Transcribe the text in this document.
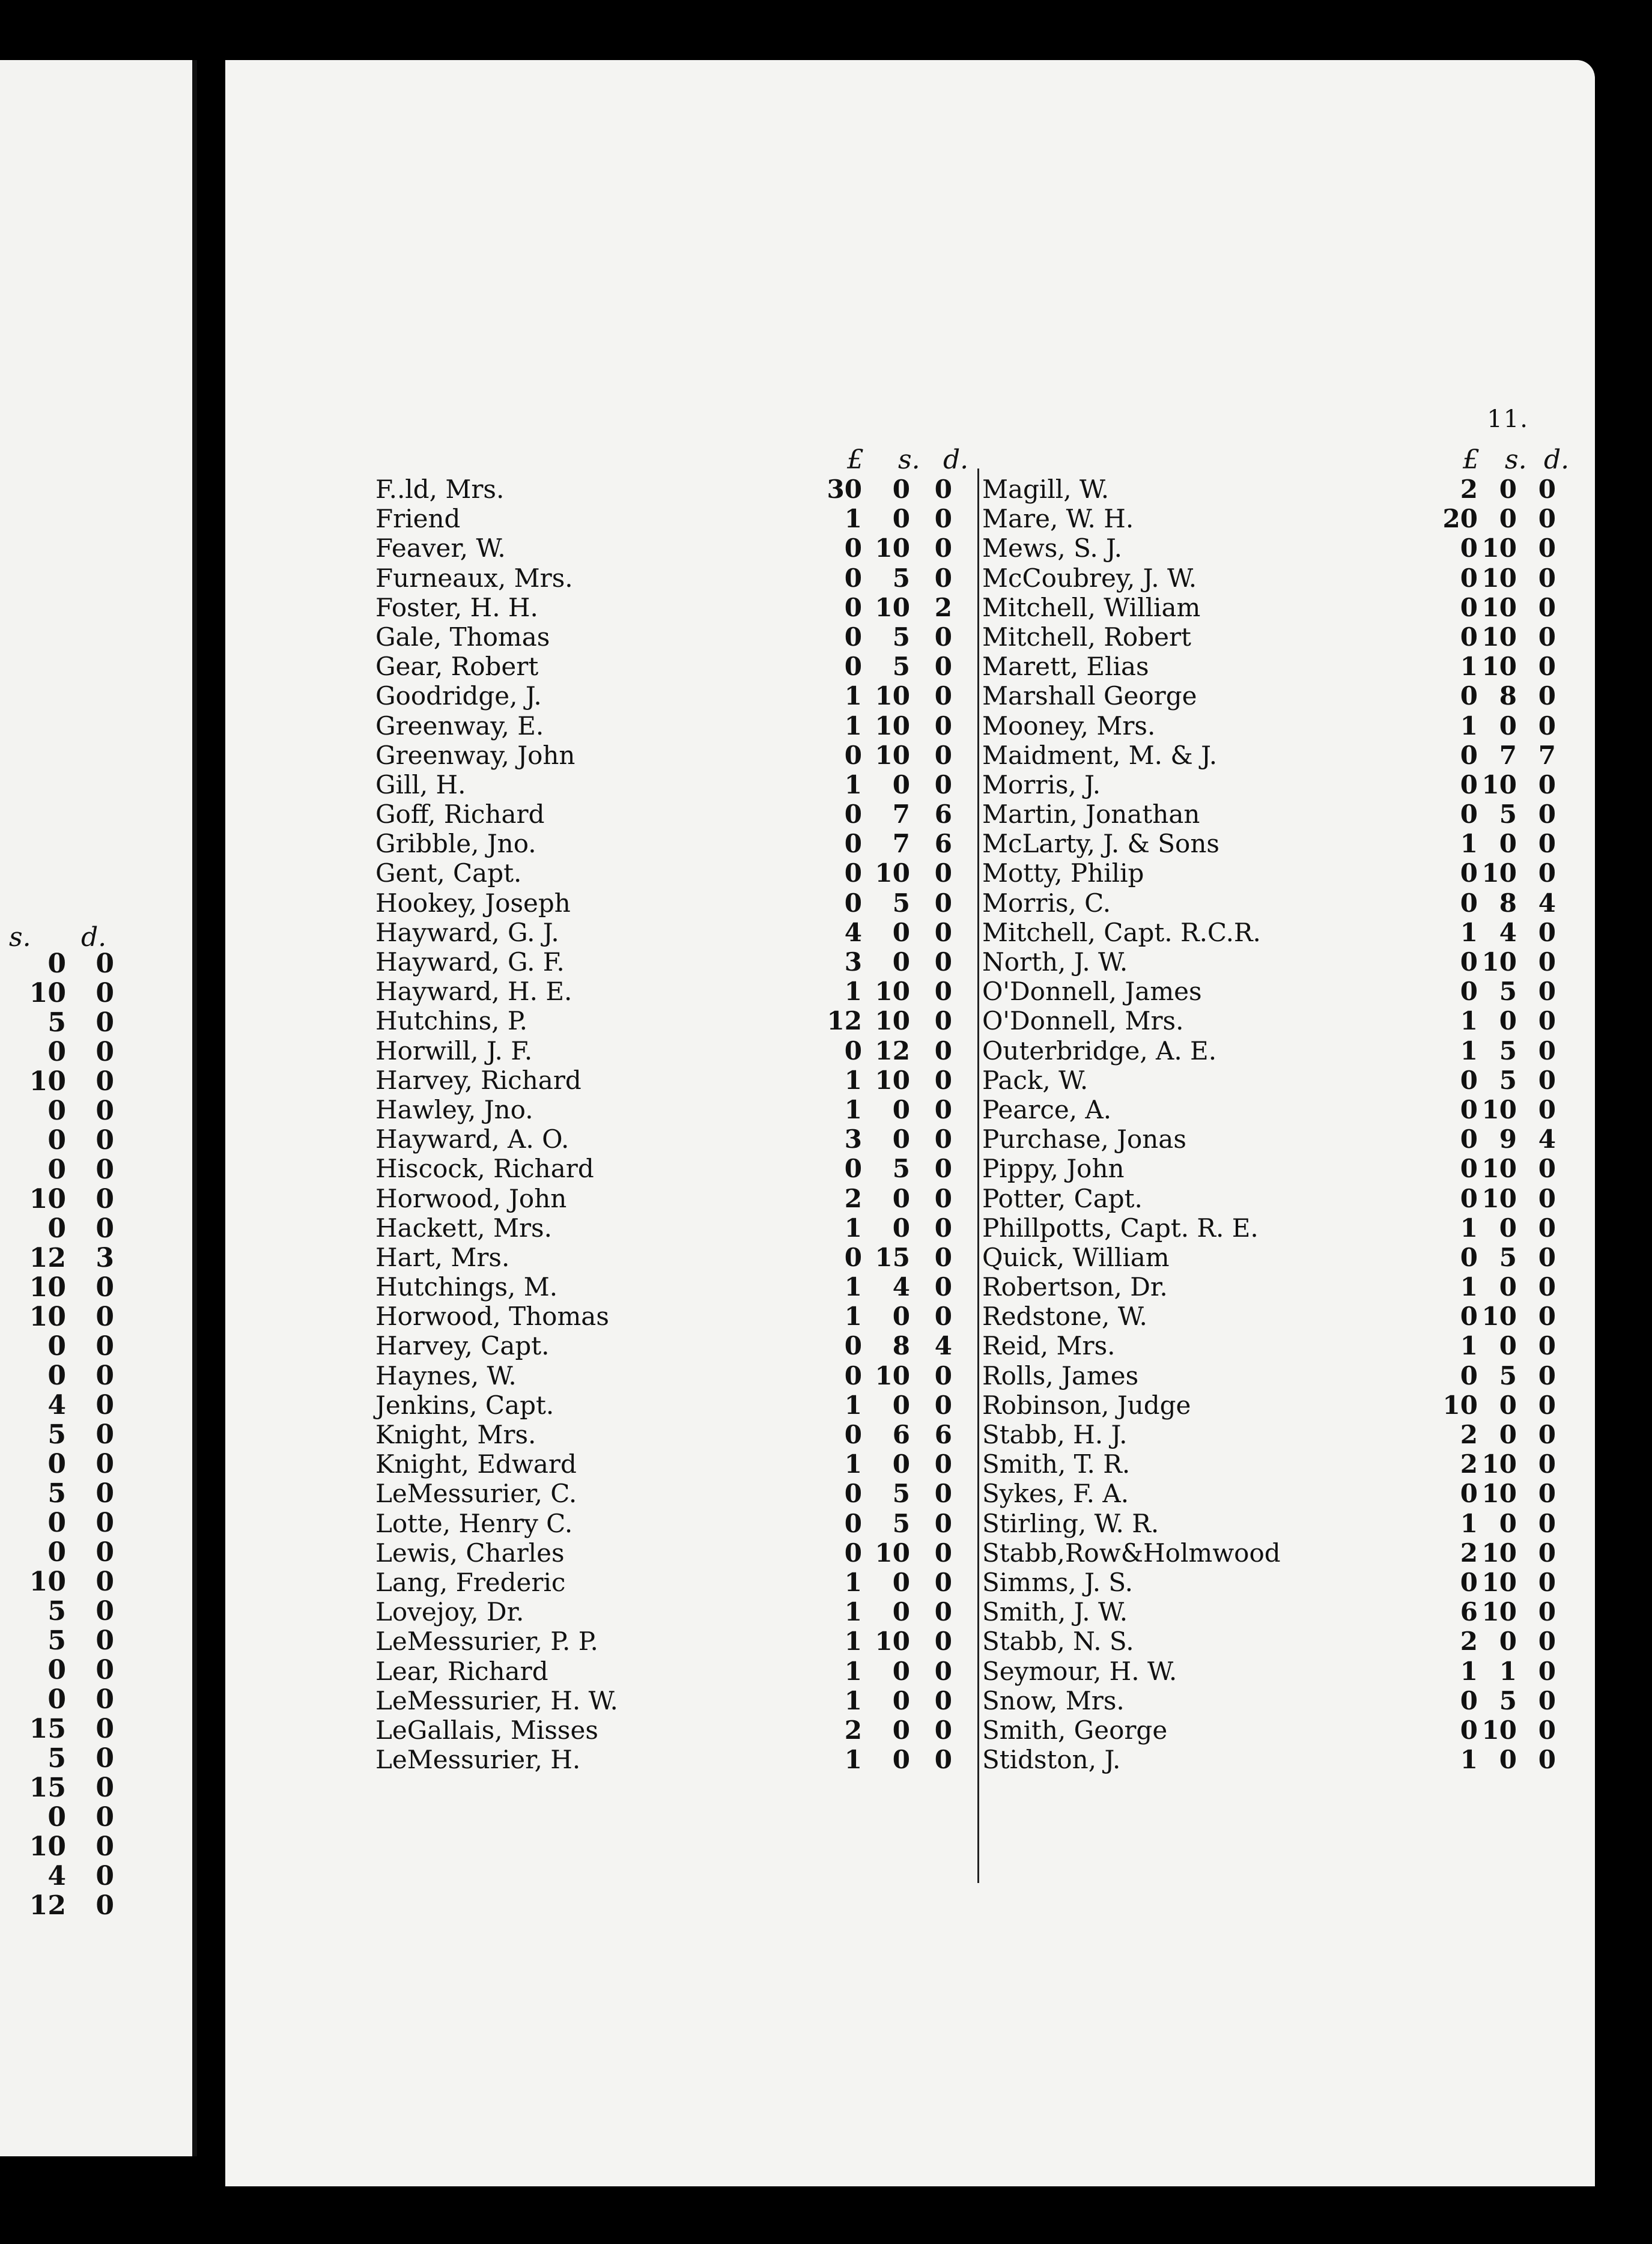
s. d.
0	0
10	0
5	0
0	0
10	0
0	0
0	0
0	0
10	0
0	0
12	3
10	0
10	0
0	0
0	0
4	0
5	0
0	0
5	0
0	0
0	0
10	0
5	0
5	0
0	0
0	0
15	0
5	0
15	0
0	0
10	0
4	0
12	0
11.
£ s. d.	£ s. d.
F..ld, Mrs.	30	0 0
Friend	1	0 0
Feaver, W.	0 10 0
Furneaux, Mrs.	0	5 0
Foster, H. H.	0 10 2
Gale, Thomas	0	5 0
Gear, Robert	0	5 0
Goodridge, J.	1 10 0
Greenway, E.	1 10 0
Greenway, John	0 10 0
Gill, H.	1	0 0
Goff, Richard	0	7 6
Gribble, Jno.	0	7 6
Gent, Capt.	0 10 0
Hookey, Joseph	0	5 0
Hayward, G. J.	4	0 0
Hayward, G. F.	3	0 0
Hayward, H. E.	1 10 0
Hutchins, P.	12 10 0
Horwill, J. F.	0 12 0
Harvey, Richard	1 10 0
Hawley, Jno.	1	0 0
Hayward, A. O.	3	0 0
Hiscock, Richard	0	5 0
Horwood, John	2	0 0
Hackett, Mrs.	1	0 0
Hart, Mrs.	0 15 0
Hutchings, M.	1	4 0
Horwood, Thomas	1	0 0
Harvey, Capt.	0	8 4
Haynes, W.	0 10 0
Jenkins, Capt.	1	0 0
Knight, Mrs.	0	6 6
Knight, Edward	1	0 0
LeMessurier, C.	0	5 0
Lotte, Henry C.	0	5 0
Lewis, Charles	0 10 0
Lang, Frederic	1	0 0
Lovejoy, Dr.	1	0 0
LeMessurier, P. P.	1 10 0
Lear, Richard	1	0 0
LeMessurier, H. W.	1	0 0
LeGallais, Misses	2	0 0
LeMessurier, H.	1	0 0
Magill, W.	2 0 0
Mare, W. H.	20 0 0
Mews, S. J.	0 10 0
McCoubrey, J. W.	0 10 0
Mitchell, William	0 10 0
Mitchell, Robert	0 10 0
Marett, Elias	1 10 0
Marshall George	0 8 0
Mooney, Mrs.	1 0 0
Maidment, M. & J.	0 7 7
Morris, J.	0 10 0
Martin, Jonathan	0 5 0
McLarty, J. & Sons	1 0 0
Motty, Philip	0 10 0
Morris, C.	0 8 4
Mitchell, Capt. R.C.R.	1 4 0
North, J. W.	0 10 0
O'Donnell, James	0 5 0
O'Donnell, Mrs.	1 0 0
Outerbridge, A. E.	1 5 0
Pack, W.	0 5 0
Pearce, A.	0 10 0
Purchase, Jonas	0 9 4
Pippy, John	0 10 0
Potter, Capt.	0 10 0
Phillpotts, Capt. R. E.	1 0 0
Quick, William	0 5 0
Robertson, Dr.	1 0 0
Redstone, W.	0 10 0
Reid, Mrs.	1 0 0
Rolls, James	0 5 0
Robinson, Judge	10 0 0
Stabb, H. J.	2 0 0
Smith, T. R.	2 10 0
Sykes, F. A.	0 10 0
Stirling, W. R.	1 0 0
Stabb,Row&Holmwood	2 10 0
Simms, J. S.	0 10 0
Smith, J. W.	6 10 0
Stabb, N. S.	2 0 0
Seymour, H. W.	1 1 0
Snow, Mrs.	0 5 0
Smith, George	0 10 0
Stidston, J.	1 0 0
